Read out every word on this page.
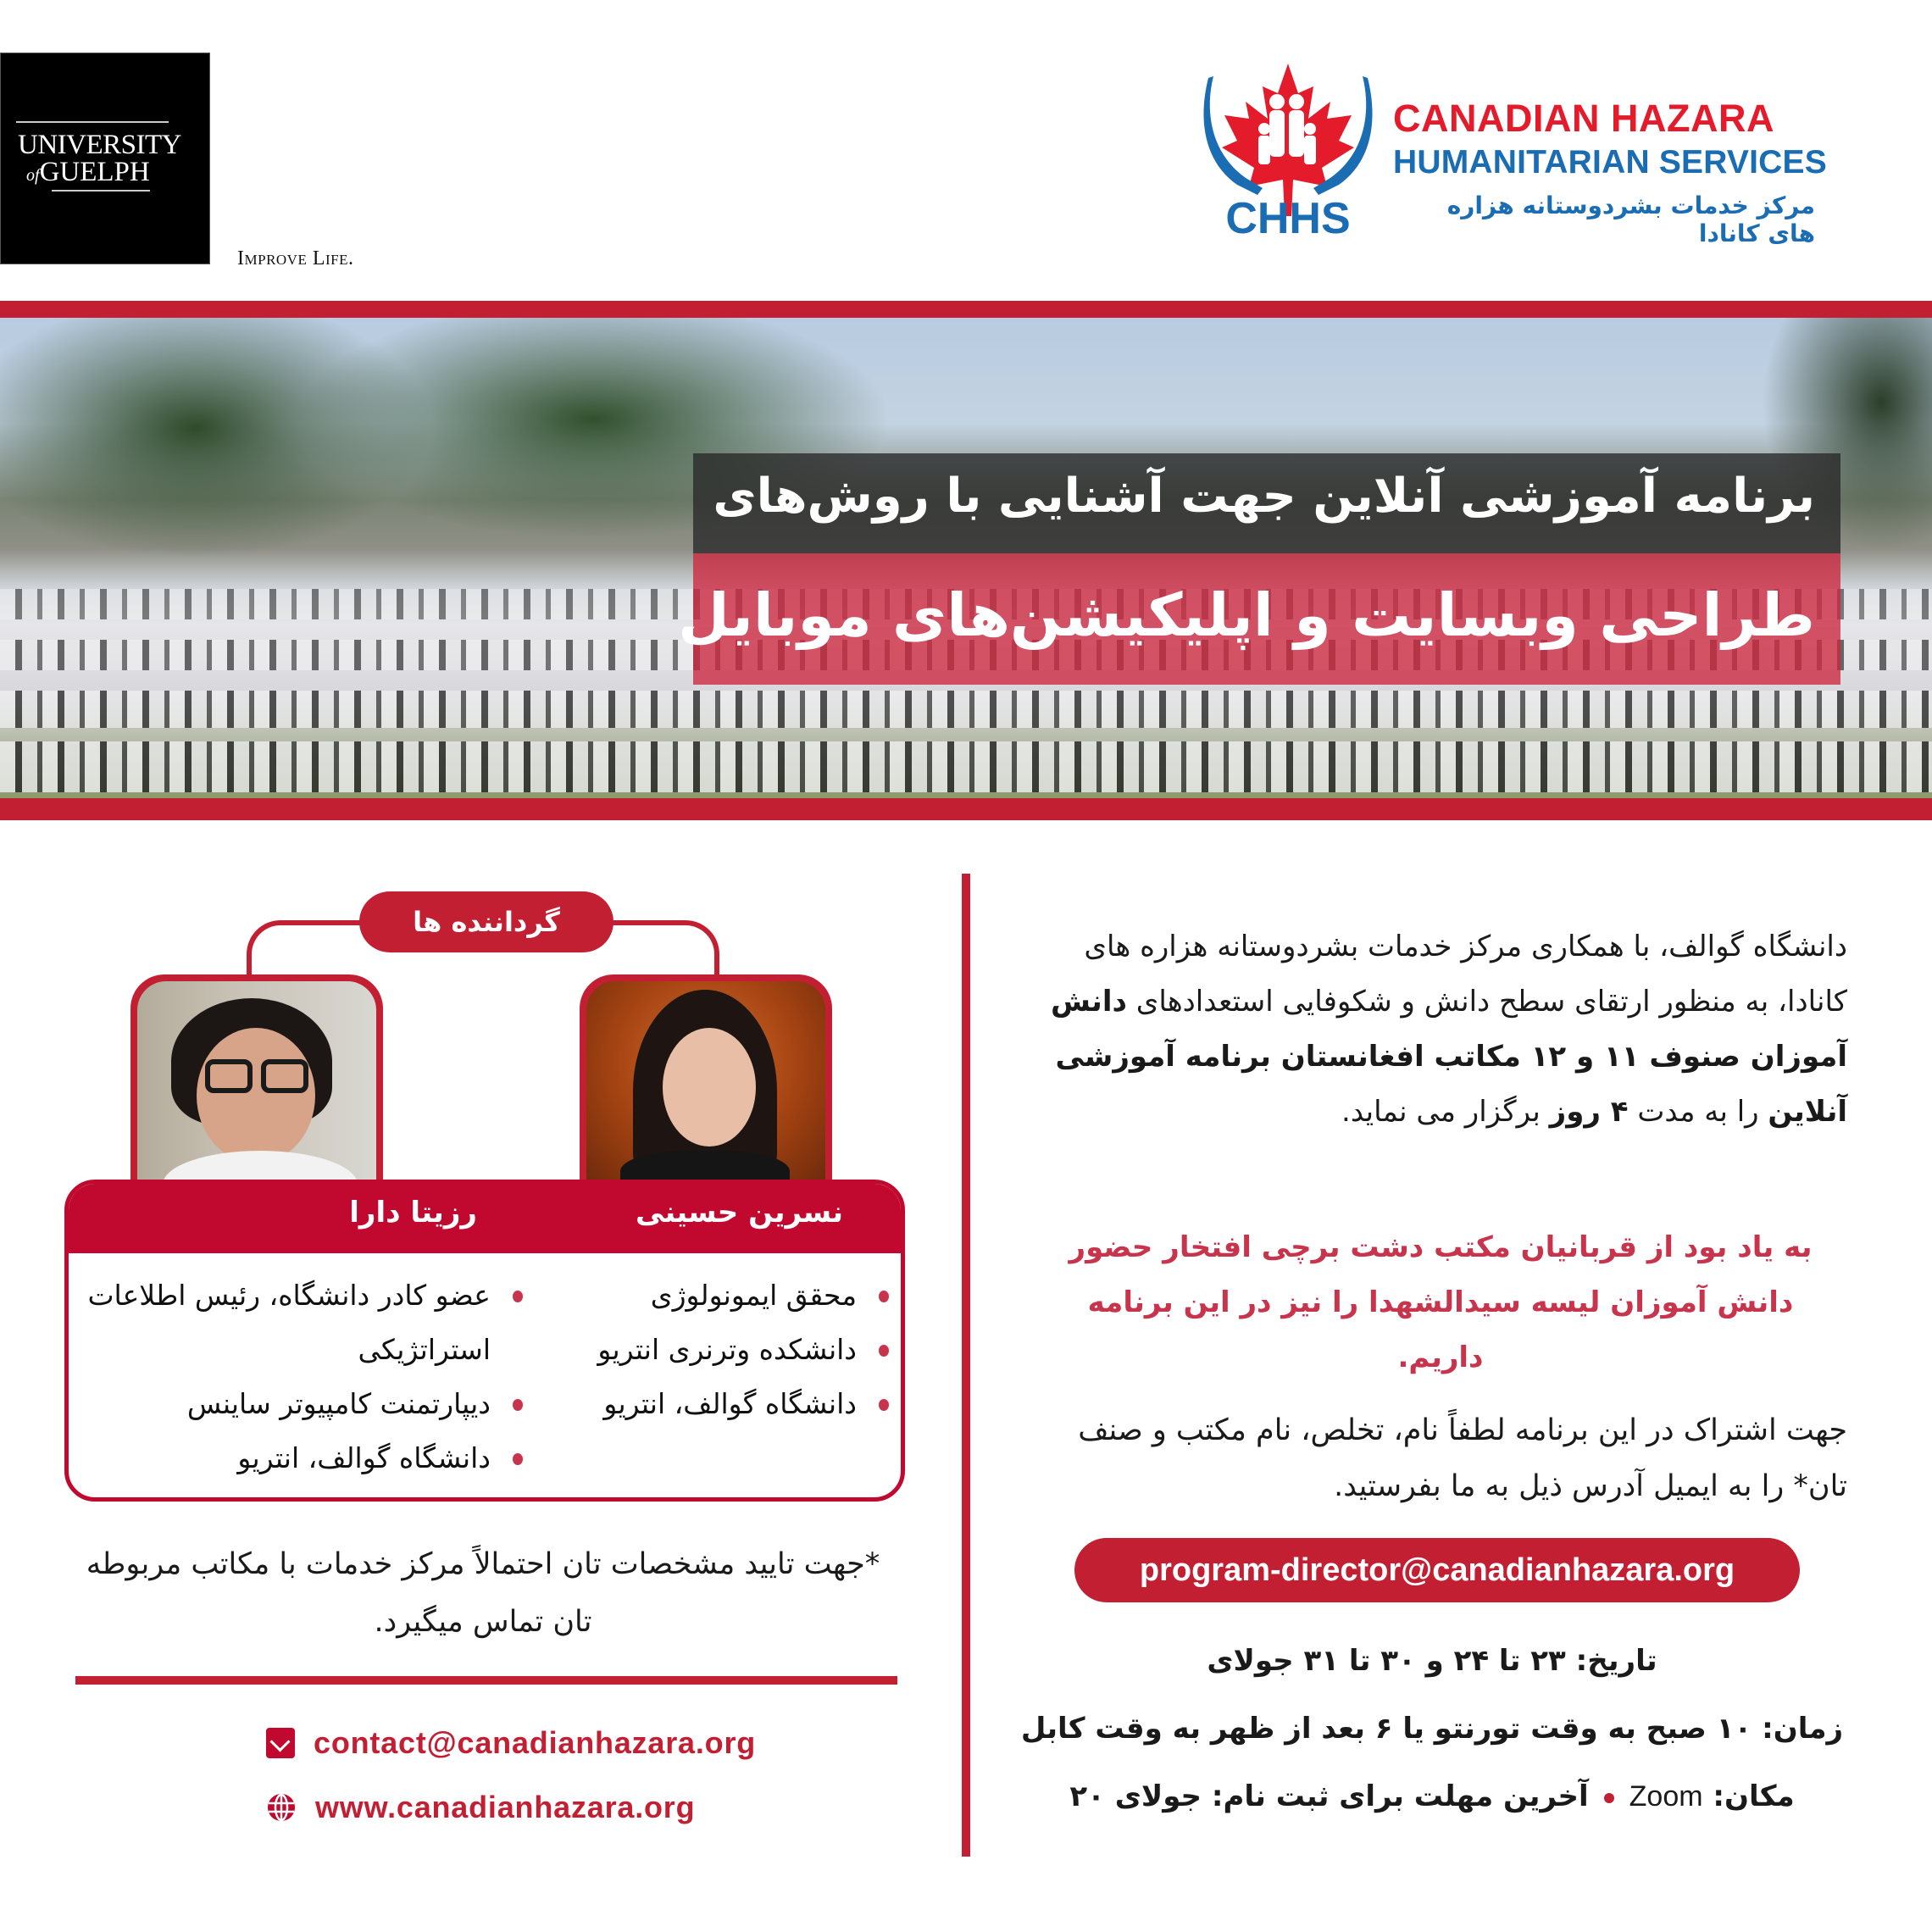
UNIVERSITY
ofGUELPH
Improve Life.
CHHS
CANADIAN HAZARA
HUMANITARIAN SERVICES
مرکز خدمات بشردوستانه هزاره های کانادا
برنامه آموزشی آنلاین جهت آشنایی با روش‌های
طراحی وبسایت و اپلیکیشن‌های موبایل
دانشگاه گوالف، با همکاری مرکز خدمات بشردوستانه هزاره های کانادا، به منظور ارتقای سطح دانش و شکوفایی استعدادهای دانش آموزان صنوف ۱۱ و ۱۲ مکاتب افغانستان برنامه آموزشی آنلاین را به مدت ۴ روز برگزار می نماید.
به یاد بود از قربانیان مکتب دشت برچی افتخار حضور دانش آموزان لیسه سیدالشهدا را نیز در این برنامه داریم.
جهت اشتراک در این برنامه لطفاً نام، تخلص، نام مکتب و صنف تان* را به ایمیل آدرس ذیل به ما بفرستید.
program-director@canadianhazara.org
تاریخ: ۲۳ تا ۲۴ و ۳۰ تا ۳۱ جولای
زمان: ۱۰ صبح به وقت تورنتو یا ۶ بعد از ظهر به وقت کابل
مکان: Zoomآخرین مهلت برای ثبت نام: جولای ۲۰
گرداننده ها
نسرین حسینی
رزیتا دارا
محقق ایمونولوژی
دانشکده وترنری انتریو
دانشگاه گوالف، انتریو
عضو کادر دانشگاه، رئیس اطلاعات استراتژیکی
دیپارتمنت کامپیوتر ساینس
دانشگاه گوالف، انتریو
*جهت تایید مشخصات تان احتمالاً مرکز خدمات با مکاتب مربوطه تان تماس میگیرد.
contact@canadianhazara.org
www.canadianhazara.org
